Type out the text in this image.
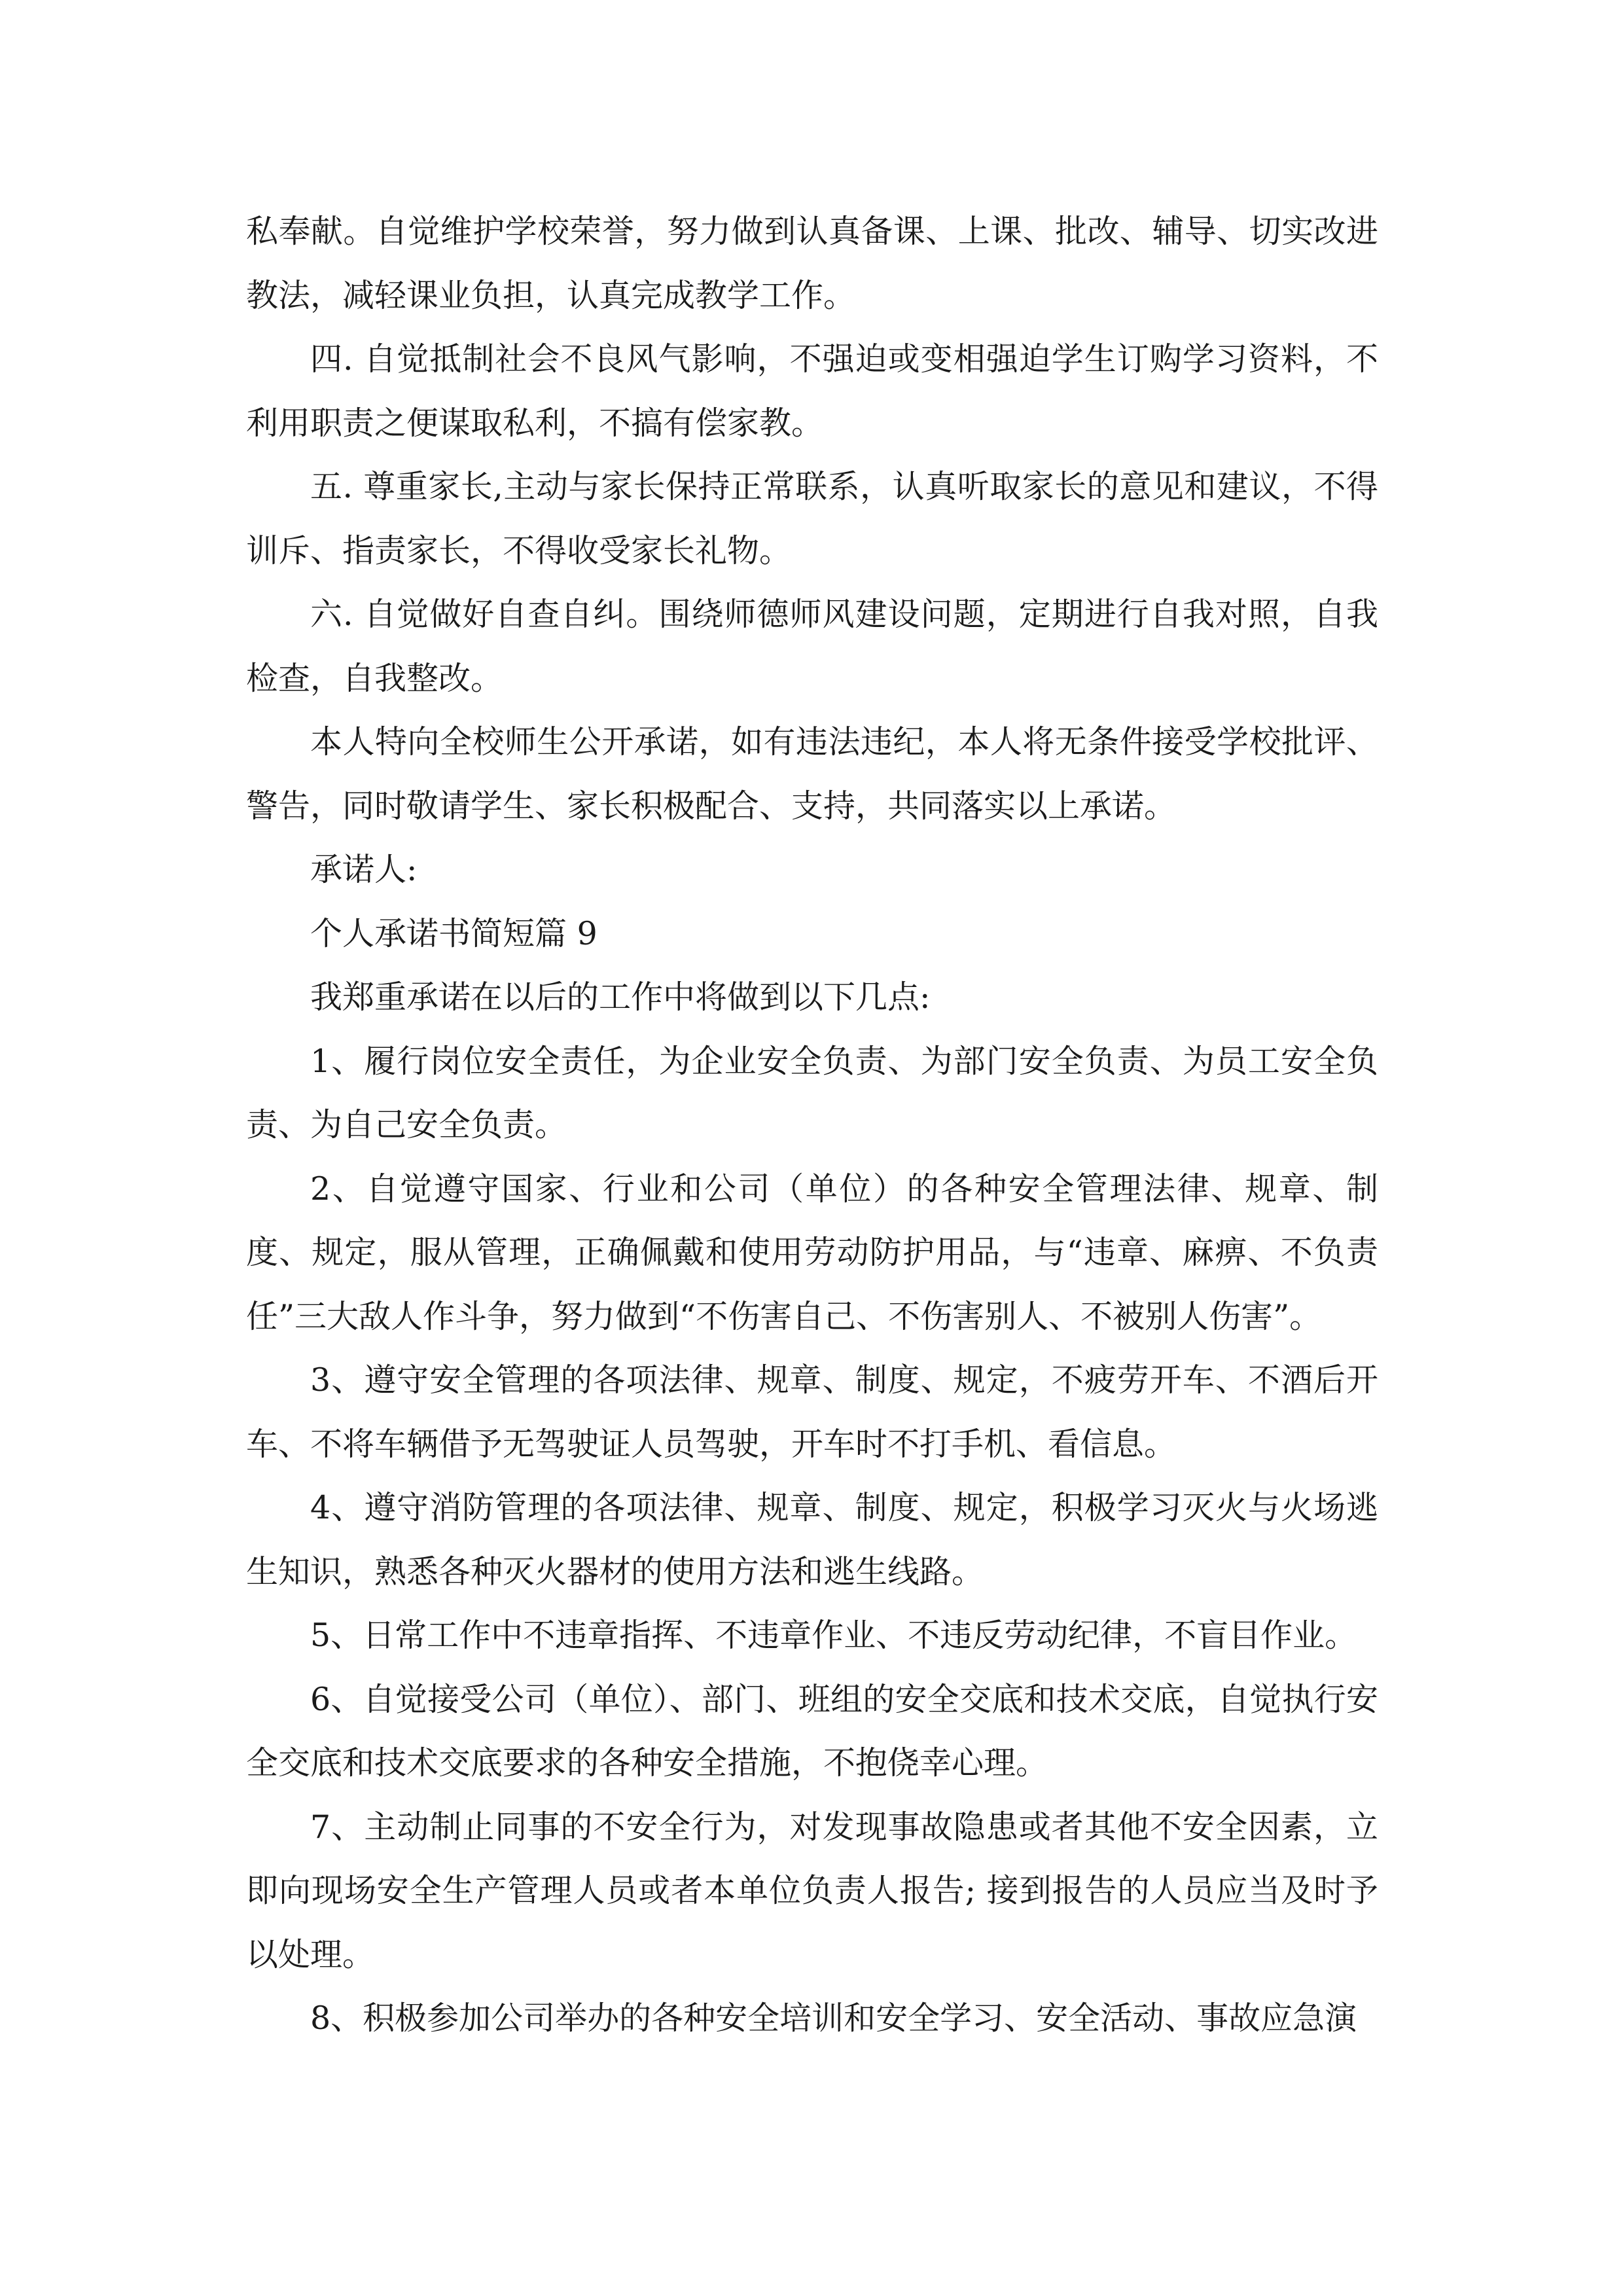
私奉献。自觉维护学校荣誉，努力做到认真备课、上课、批改、辅导、切实改进教法，减轻课业负担，认真完成教学工作。

四. 自觉抵制社会不良风气影响，不强迫或变相强迫学生订购学习资料，不利用职责之便谋取私利，不搞有偿家教。

五. 尊重家长,主动与家长保持正常联系，认真听取家长的意见和建议，不得训斥、指责家长，不得收受家长礼物。

六. 自觉做好自查自纠。围绕师德师风建设问题，定期进行自我对照，自我检查，自我整改。

本人特向全校师生公开承诺，如有违法违纪，本人将无条件接受学校批评、警告，同时敬请学生、家长积极配合、支持，共同落实以上承诺。

承诺人:

个人承诺书简短篇 9

我郑重承诺在以后的工作中将做到以下几点:

1、履行岗位安全责任，为企业安全负责、为部门安全负责、为员工安全负责、为自己安全负责。

2、自觉遵守国家、行业和公司（单位）的各种安全管理法律、规章、制度、规定，服从管理，正确佩戴和使用劳动防护用品，与“违章、麻痹、不负责任”三大敌人作斗争，努力做到“不伤害自己、不伤害别人、不被别人伤害”。

3、遵守安全管理的各项法律、规章、制度、规定，不疲劳开车、不酒后开车、不将车辆借予无驾驶证人员驾驶，开车时不打手机、看信息。

4、遵守消防管理的各项法律、规章、制度、规定，积极学习灭火与火场逃生知识，熟悉各种灭火器材的使用方法和逃生线路。

5、日常工作中不违章指挥、不违章作业、不违反劳动纪律，不盲目作业。

6、自觉接受公司（单位）、部门、班组的安全交底和技术交底，自觉执行安全交底和技术交底要求的各种安全措施，不抱侥幸心理。

7、主动制止同事的不安全行为，对发现事故隐患或者其他不安全因素，立即向现场安全生产管理人员或者本单位负责人报告; 接到报告的人员应当及时予以处理。

8、积极参加公司举办的各种安全培训和安全学习、安全活动、事故应急演
